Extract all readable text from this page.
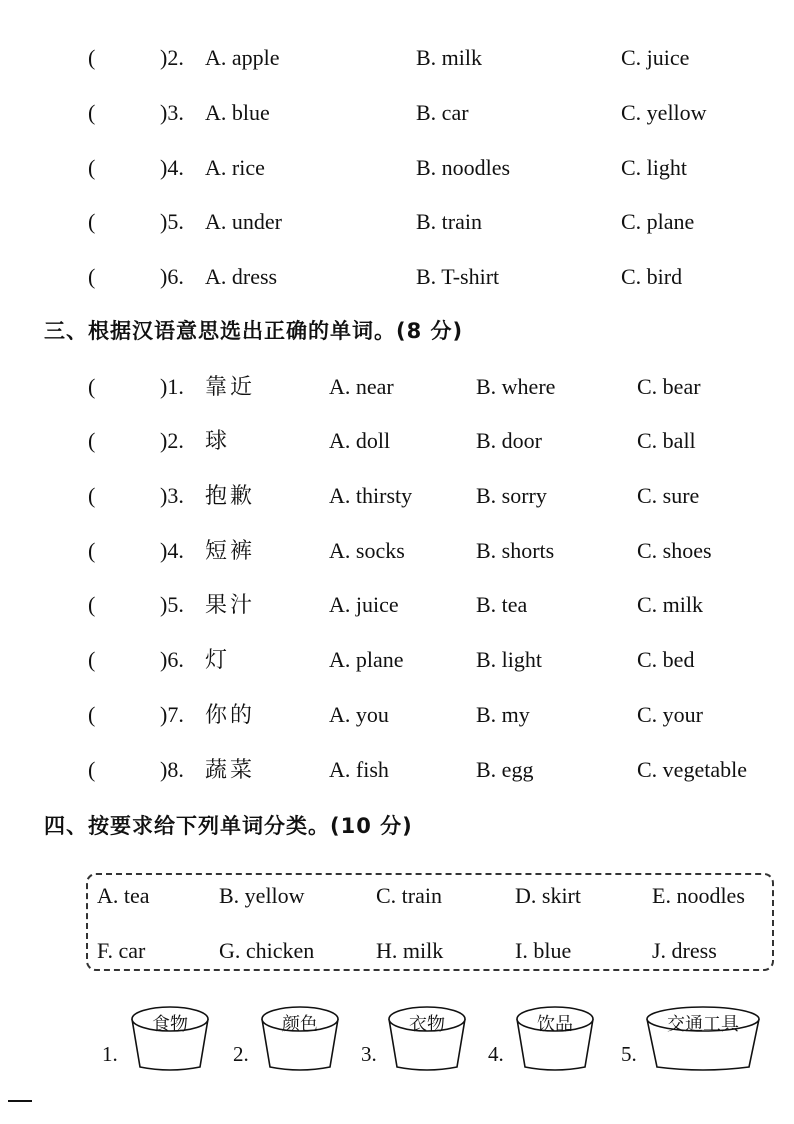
(	)2. A. apple	B. milk	C. juice
(	)3. A. blue	B. car	C. yellow
(	)4. A. rice	B. noodles	C. light
(	)5. A. under	B. train	C. plane
(	)6. A. dress	B. T-shirt	C. bird
三、根据汉语意思选出正确的单词。(8 分)
(	)1. 靠近	A. near	B. where	C. bear
(	)2. 球	A. doll	B. door	C. ball
(	)3. 抱歉	A. thirsty	B. sorry	C. sure
(	)4. 短裤	A. socks	B. shorts	C. shoes
(	)5. 果汁	A. juice	B. tea	C. milk
(	)6. 灯	A. plane	B. light	C. bed
(	)7. 你的	A. you	B. my	C. your
(	)8. 蔬菜	A. fish	B. egg	C. vegetable
四、按要求给下列单词分类。(10 分)
A. tea	B. yellow	C. train	D. skirt	E. noodles
F. car	G. chicken	H. milk	I. blue	J. dress
1.
食物
2.
颜色
3.
衣物
4.
饮品
5.
交通工具
